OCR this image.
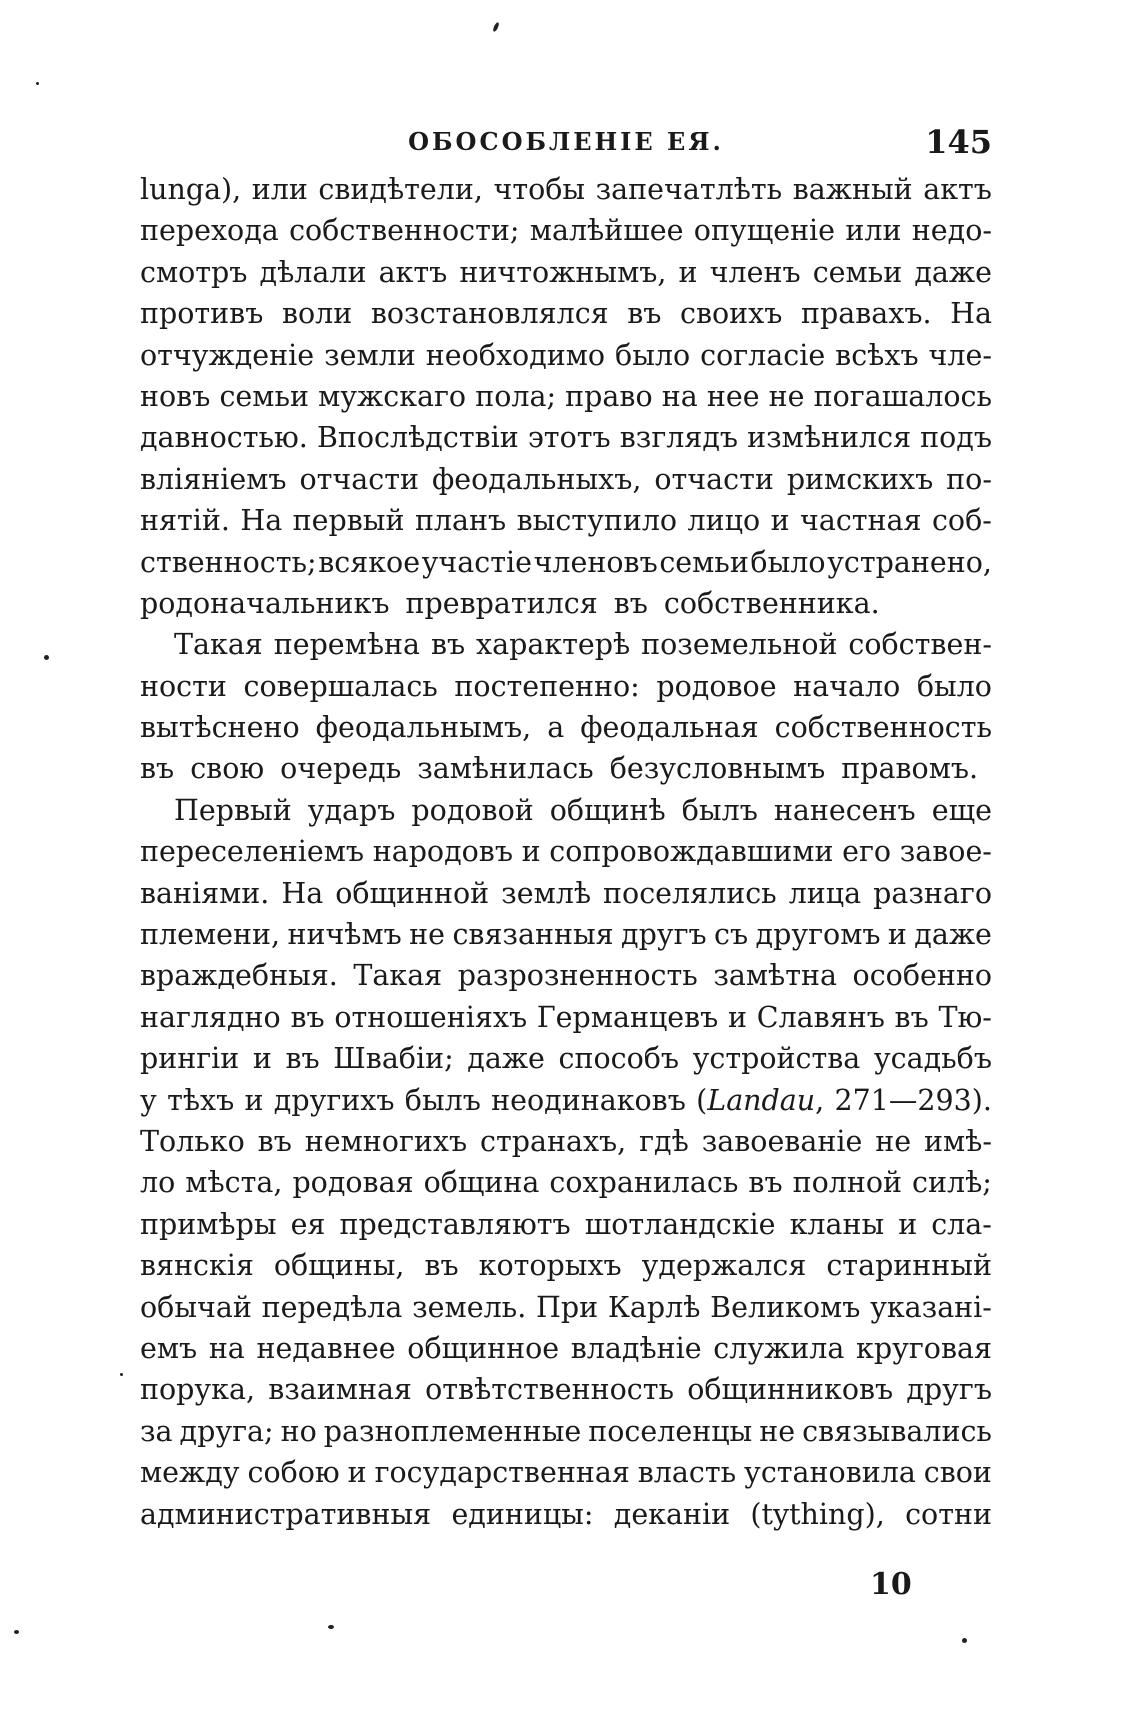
ОБОСОБЛЕНІЕ ЕЯ.	145
lunga), или свидѣтели, чтобы запечатлѣть важный актъ
перехода собственности; малѣйшее опущеніе или недо-
смотръ дѣлали актъ ничтожнымъ, и членъ семьи даже
противъ воли возстановлялся въ своихъ правахъ. На
отчужденіе земли необходимо было согласіе всѣхъ чле-
новъ семьи мужскаго пола; право на нее не погашалось
давностью. Впослѣдствіи этотъ взглядъ измѣнился подъ
вліяніемъ отчасти феодальныхъ, отчасти римскихъ по-
нятій. На первый планъ выступило лицо и частная соб-
ственность; всякое участіе членовъ семьи было устранено,
родоначальникъ превратился въ собственника.
Такая перемѣна въ характерѣ поземельной собствен-
ности совершалась постепенно: родовое начало было
вытѣснено феодальнымъ, а феодальная собственность
въ свою очередь замѣнилась безусловнымъ правомъ.
Первый ударъ родовой общинѣ былъ нанесенъ еще
переселеніемъ народовъ и сопровождавшими его завое-
ваніями. На общинной землѣ поселялись лица разнаго
племени, ничѣмъ не связанныя другъ съ другомъ и даже
враждебныя. Такая разрозненность замѣтна особенно
наглядно въ отношеніяхъ Германцевъ и Славянъ въ Тю-
рингіи и въ Швабіи; даже способъ устройства усадьбъ
у тѣхъ и другихъ былъ неодинаковъ (Landau, 271—293).
Только въ немногихъ странахъ, гдѣ завоеваніе не имѣ-
ло мѣста, родовая община сохранилась въ полной силѣ;
примѣры ея представляютъ шотландскіе кланы и сла-
вянскія общины, въ которыхъ удержался старинный
обычай передѣла земель. При Карлѣ Великомъ указані-
емъ на недавнее общинное владѣніе служила круговая
порука, взаимная отвѣтственность общинниковъ другъ
за друга; но разноплеменные поселенцы не связывались
между собою и государственная власть установила свои
административныя единицы: деканіи (tything), сотни
10
